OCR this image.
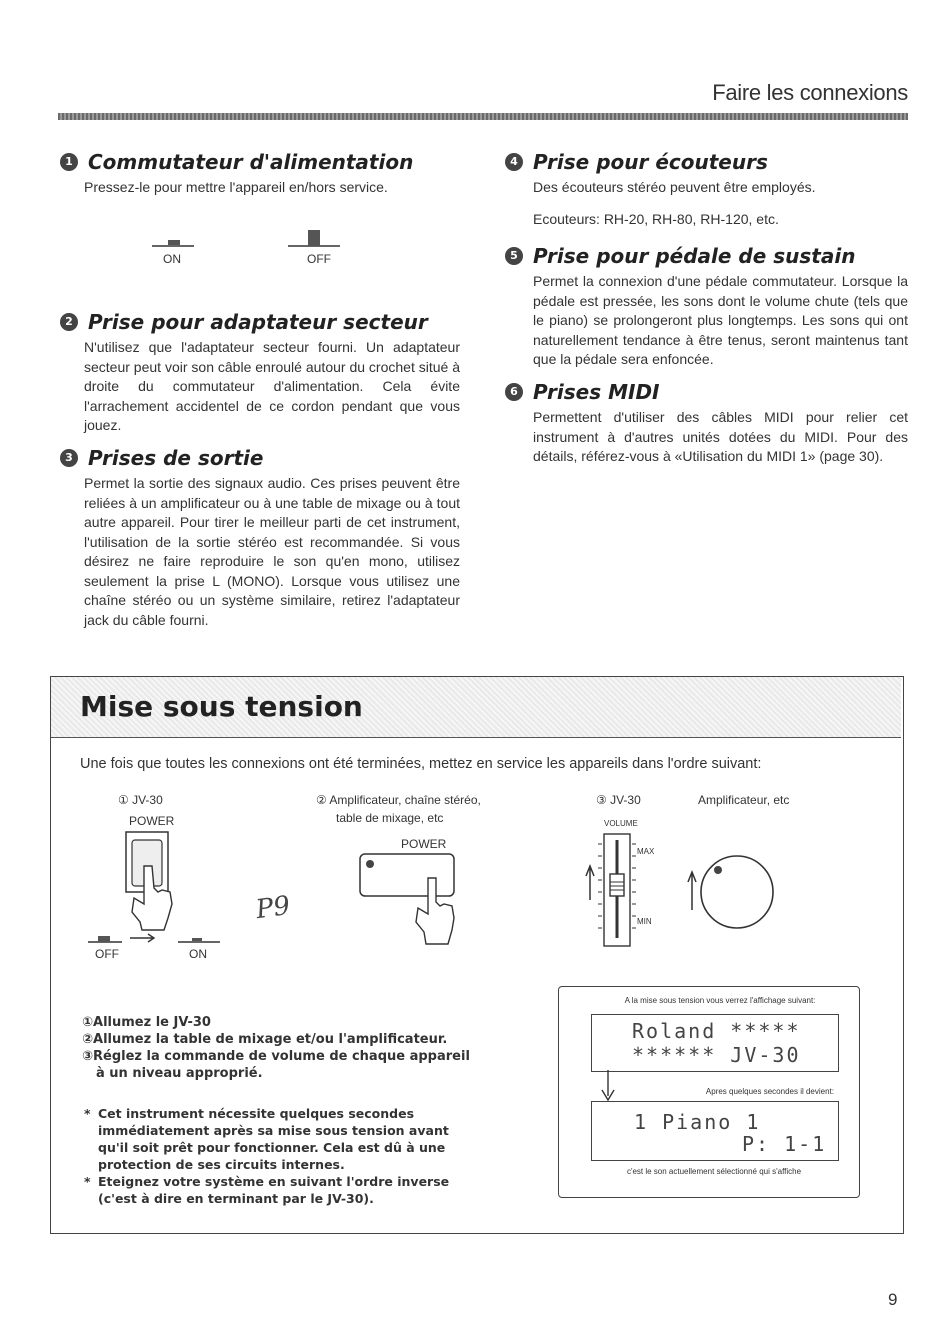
Faire les connexions
1 Commutateur d'alimentation

Pressez-le pour mettre l'appareil en/hors service.

ON	OFF
2 Prise pour adaptateur secteur

N'utilisez que l'adaptateur secteur fourni. Un adaptateur secteur peut voir son câble enroulé autour du crochet situé à droite du commutateur d'alimentation. Cela évite l'arrachement accidentel de ce cordon pendant que vous jouez.

3 Prises de sortie

Permet la sortie des signaux audio. Ces prises peuvent être reliées à un amplificateur ou à une table de mixage ou à tout autre appareil. Pour tirer le meilleur parti de cet instrument, l'utilisation de la sortie stéréo est recommandée. Si vous désirez ne faire reproduire le son qu'en mono, utilisez seulement la prise L (MONO). Lorsque vous utilisez une chaîne stéréo ou un système similaire, retirez l'adaptateur jack du câble fourni.

4 Prise pour écouteurs

Des écouteurs stéréo peuvent être employés.

Ecouteurs: RH-20, RH-80, RH-120, etc.

5 Prise pour pédale de sustain

Permet la connexion d'une pédale commutateur. Lorsque la pédale est pressée, les sons dont le volume chute (tels que le piano) se prolongeront plus longtemps. Les sons qui ont naturellement tendance à être tenus, seront maintenus tant que la pédale sera enfoncée.

6 Prises MIDI

Permettent d'utiliser des câbles MIDI pour relier cet instrument à d'autres unités dotées du MIDI. Pour des détails, référez-vous à «Utilisation du MIDI 1» (page 30).

Mise sous tension
Une fois que toutes les connexions ont été terminées, mettez en service les appareils dans l'ordre suivant:
① JV-30
POWER
OFF	ON
P9
② Amplificateur, chaîne stéréo,
table de mixage, etc
POWER
③ JV-30	Amplificateur, etc
VOLUME
MAX
MIN
①Allumez le JV-30
②Allumez la table de mixage et/ou l'amplificateur.
③Réglez la commande de volume de chaque appareil
à un niveau approprié.

* Cet instrument nécessite quelques secondes immédiatement après sa mise sous tension avant qu'il soit prêt pour fonctionner. Cela est dû à une protection de ses circuits internes.

* Eteignez votre système en suivant l'ordre inverse (c'est à dire en terminant par le JV-30).

A la mise sous tension vous verrez l'affichage suivant:
Roland *****
****** JV-30
Apres quelques secondes il devient:
1 Piano 1
P: 1-1
c'est le son actuellement sélectionné qui s'affiche
9
